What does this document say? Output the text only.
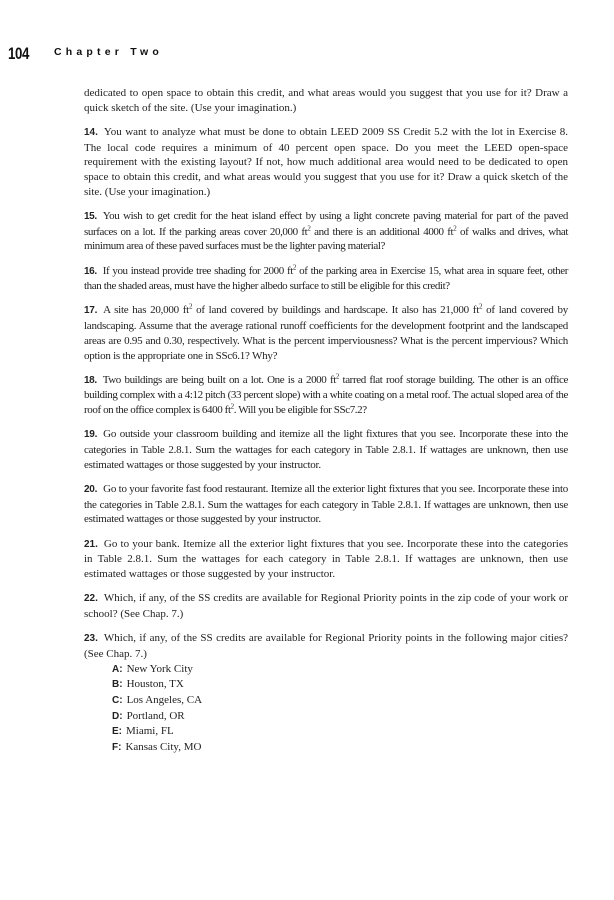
104 Chapter Two

dedicated to open space to obtain this credit, and what areas would you suggest that you use for it? Draw a quick sketch of the site. (Use your imagination.)

14. You want to analyze what must be done to obtain LEED 2009 SS Credit 5.2 with the lot in Exercise 8. The local code requires a minimum of 40 percent open space. Do you meet the LEED open-space requirement with the existing layout? If not, how much additional area would need to be dedicated to open space to obtain this credit, and what areas would you suggest that you use for it? Draw a quick sketch of the site. (Use your imagination.)

15. You wish to get credit for the heat island effect by using a light concrete paving material for part of the paved surfaces on a lot. If the parking areas cover 20,000 $ft^2$ and there is an additional 4000 $ft^2$ of walks and drives, what minimum area of these paved surfaces must be the lighter paving material?

16. If you instead provide tree shading for 2000 $ft^2$ of the parking area in Exercise 15, what area in square feet, other than the shaded areas, must have the higher albedo surface to still be eligible for this credit?

17. A site has 20,000 $ft^2$ of land covered by buildings and hardscape. It also has 21,000 $ft^2$ of land covered by landscaping. Assume that the average rational runoff coefficients for the development footprint and the landscaped areas are 0.95 and 0.30, respectively. What is the percent imperviousness? What is the percent impervious? Which option is the appropriate one in SSc6.1? Why?

18. Two buildings are being built on a lot. One is a 2000 $ft^2$ tarred flat roof storage building. The other is an office building complex with a 4:12 pitch (33 percent slope) with a white coating on a metal roof. The actual sloped area of the roof on the office complex is 6400 $ft^2$. Will you be eligible for SSc7.2?

19. Go outside your classroom building and itemize all the light fixtures that you see. Incorporate these into the categories in Table 2.8.1. Sum the wattages for each category in Table 2.8.1. If wattages are unknown, then use estimated wattages or those suggested by your instructor.

20. Go to your favorite fast food restaurant. Itemize all the exterior light fixtures that you see. Incorporate these into the categories in Table 2.8.1. Sum the wattages for each category in Table 2.8.1. If wattages are unknown, then use estimated wattages or those suggested by your instructor.

21. Go to your bank. Itemize all the exterior light fixtures that you see. Incorporate these into the categories in Table 2.8.1. Sum the wattages for each category in Table 2.8.1. If wattages are unknown, then use estimated wattages or those suggested by your instructor.

22. Which, if any, of the SS credits are available for Regional Priority points in the zip code of your work or school? (See Chap. 7.)

23. Which, if any, of the SS credits are available for Regional Priority points in the following major cities? (See Chap. 7.)

A: New York City
B: Houston, TX
C: Los Angeles, CA
D: Portland, OR
E: Miami, FL
F: Kansas City, MO
